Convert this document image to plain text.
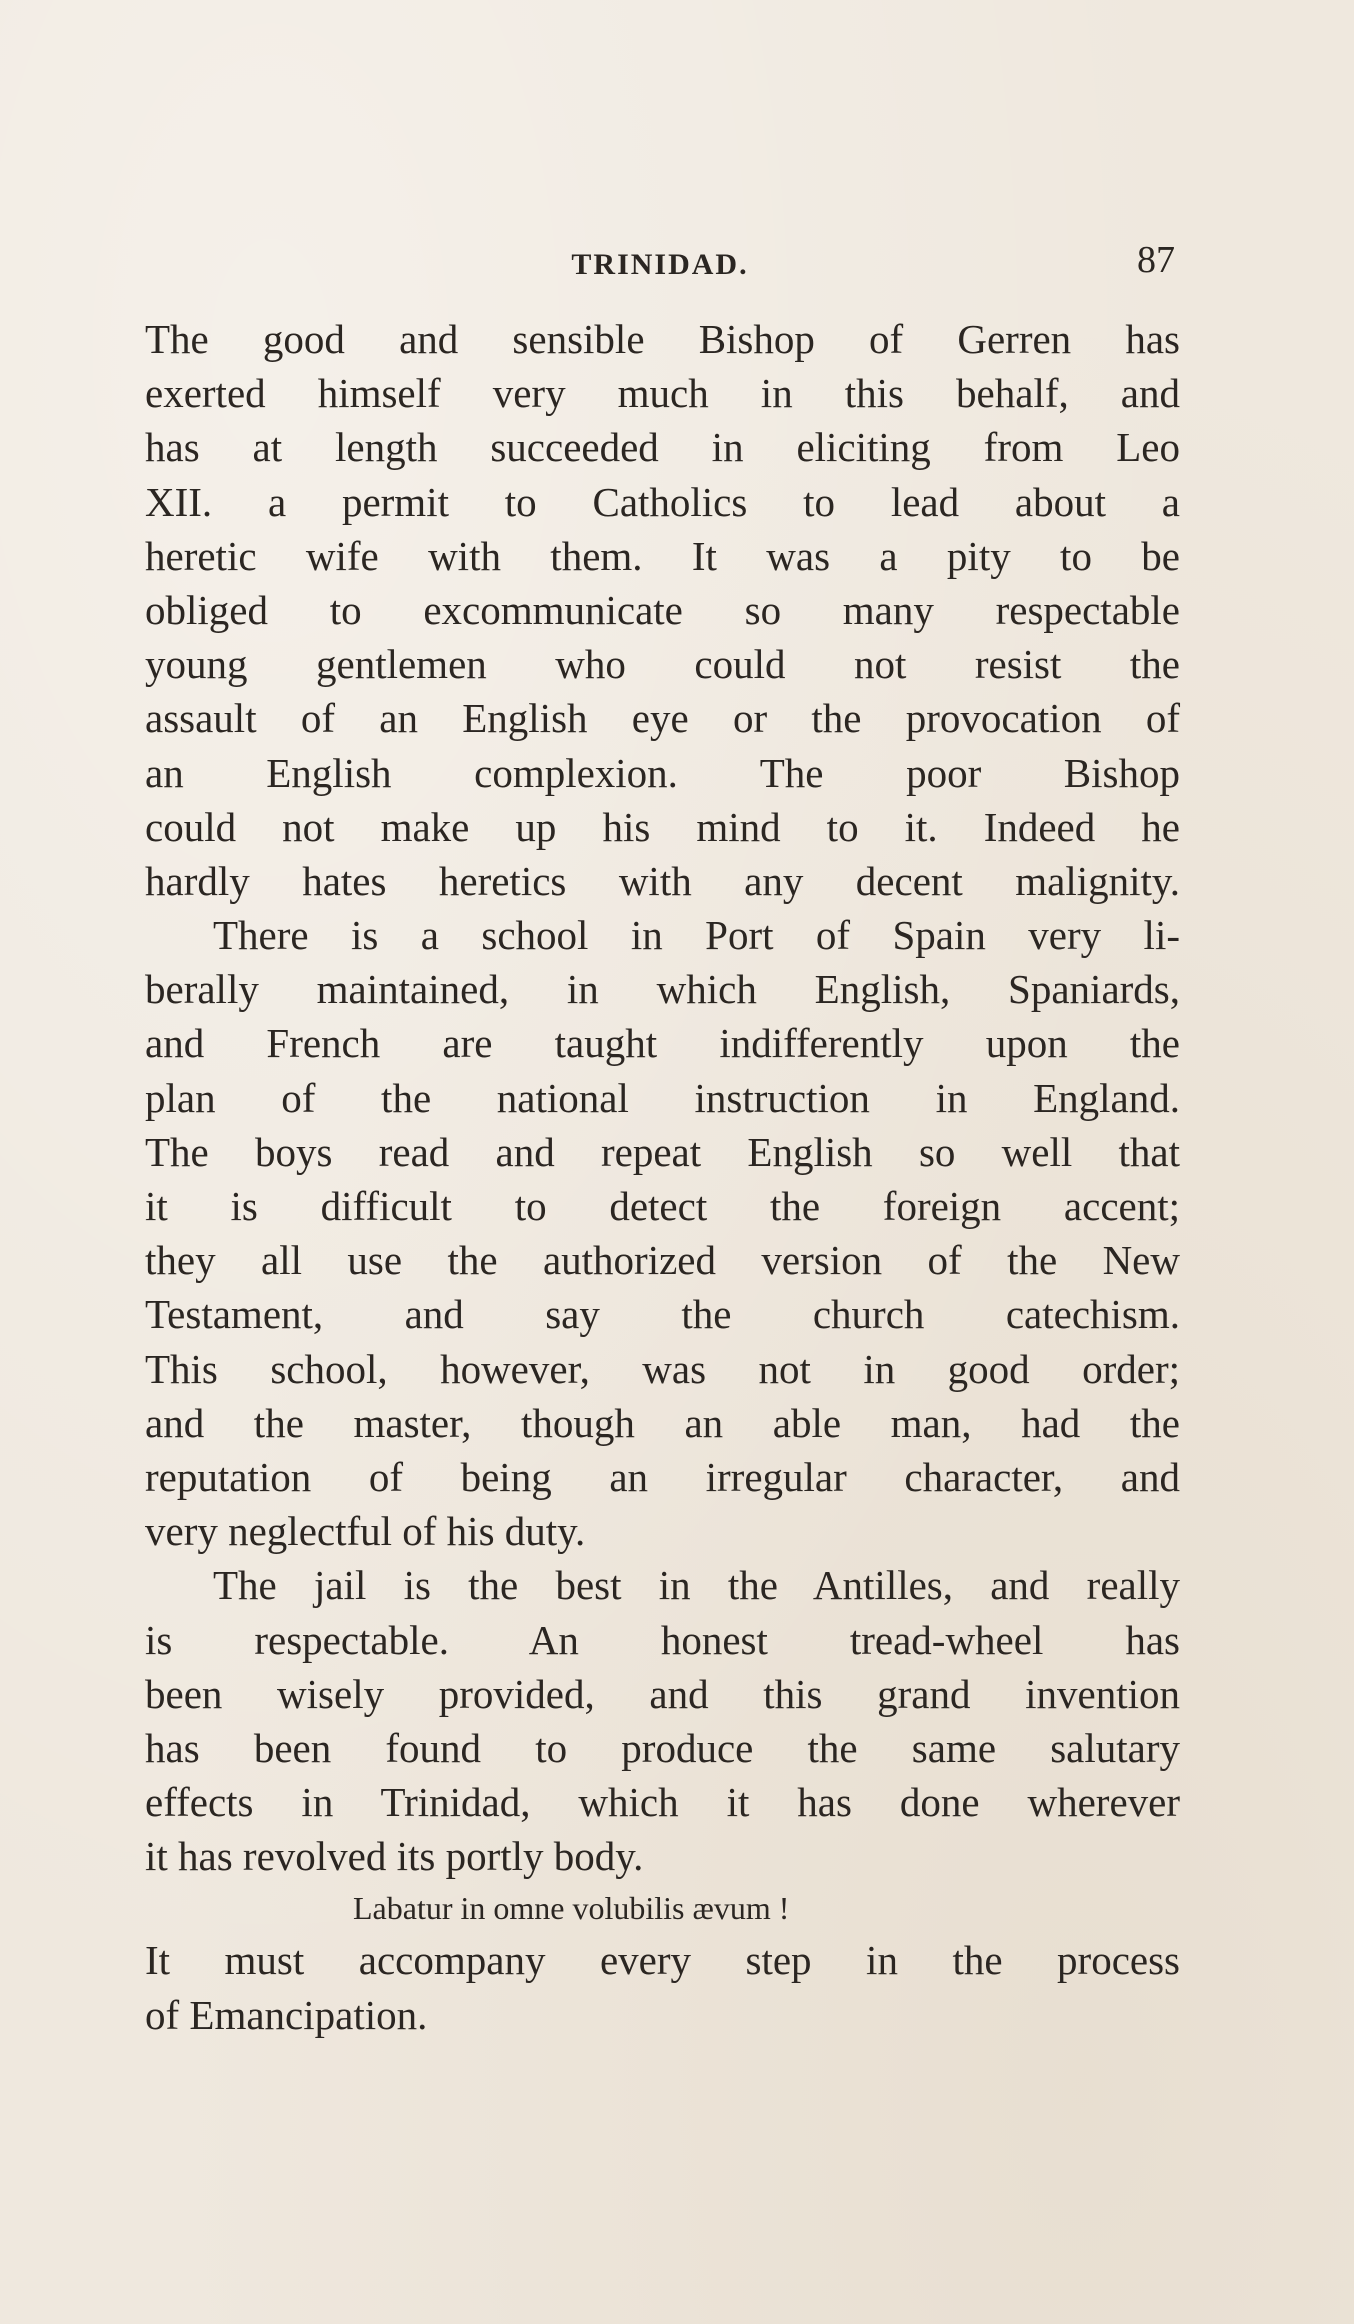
TRINIDAD.	87
The good and sensible Bishop of Gerren has
exerted himself very much in this behalf, and
has at length succeeded in eliciting from Leo
XII. a permit to Catholics to lead about a
heretic wife with them. It was a pity to be
obliged to excommunicate so many respectable
young gentlemen who could not resist the
assault of an English eye or the provocation of
an English complexion. The poor Bishop
could not make up his mind to it. Indeed he
hardly hates heretics with any decent malignity.
There is a school in Port of Spain very li-
berally maintained, in which English, Spaniards,
and French are taught indifferently upon the
plan of the national instruction in England.
The boys read and repeat English so well that
it is difficult to detect the foreign accent;
they all use the authorized version of the New
Testament, and say the church catechism.
This school, however, was not in good order;
and the master, though an able man, had the
reputation of being an irregular character, and
very neglectful of his duty.
The jail is the best in the Antilles, and really
is respectable. An honest tread-wheel has
been wisely provided, and this grand invention
has been found to produce the same salutary
effects in Trinidad, which it has done wherever
it has revolved its portly body.
Labatur in omne volubilis ævum !
It must accompany every step in the process
of Emancipation.
